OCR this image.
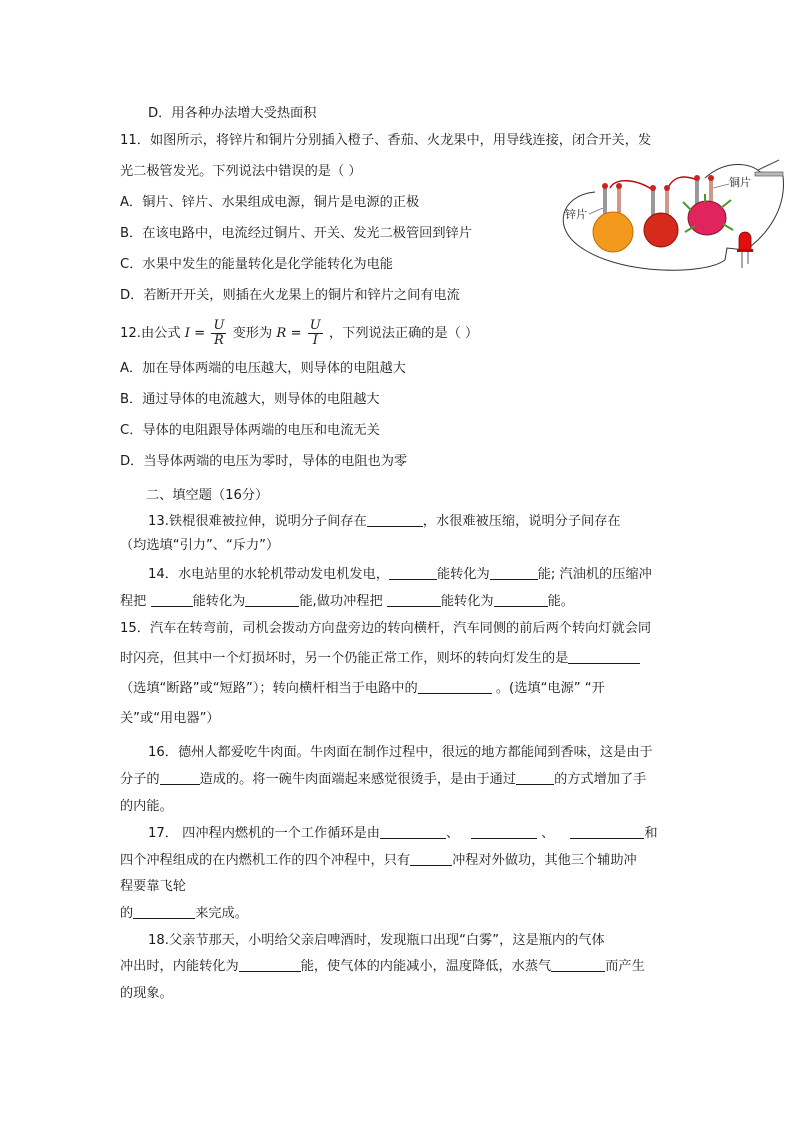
D．用各种办法增大受热面积
11．如图所示，将锌片和铜片分别插入橙子、香茄、火龙果中，用导线连接，闭合开关，发
光二极管发光。下列说法中错误的是（ ）
A．铜片、锌片、水果组成电源，铜片是电源的正极
B．在该电路中，电流经过铜片、开关、发光二极管回到锌片
C．水果中发生的能量转化是化学能转化为电能
D．若断开开关，则插在火龙果上的铜片和锌片之间有电流
锌片
铜片
12.由公式 $I = \frac{U}{R}$ 变形为 $R = \frac{U}{I}$ ，下列说法正确的是（ ）
A．加在导体两端的电压越大，则导体的电阻越大
B．通过导体的电流越大，则导体的电阻越大
C．导体的电阻跟导体两端的电压和电流无关
D．当导体两端的电压为零时，导体的电阻也为零
二、填空题（16分）
13.铁棍很难被拉伸，说明分子间存在	，水很难被压缩，说明分子间存在
（均选填“引力”、“斥力”）
14．水电站里的水轮机带动发电机发电，	能转化为	能; 汽油机的压缩冲
程把	能转化为	能,做功冲程把	能转化为	能。
15．汽车在转弯前，司机会拨动方向盘旁边的转向横杆，汽车同侧的前后两个转向灯就会同
时闪亮，但其中一个灯损坏时，另一个仍能正常工作，则坏的转向灯发生的是
（选填“断路”或“短路”）；转向横杆相当于电路中的	。(选填“电源” “开
关”或“用电器”）
16．德州人都爱吃牛肉面。牛肉面在制作过程中，很远的地方都能闻到香味，这是由于
分子的	造成的。将一碗牛肉面端起来感觉很烫手，是由于通过	的方式增加了手
的内能。
17． 四冲程内燃机的一个工作循环是由	、	、	和
四个冲程组成的在内燃机工作的四个冲程中，只有	冲程对外做功，其他三个辅助冲
程要靠飞轮
的	来完成。
18.父亲节那天，小明给父亲启啤酒时，发现瓶口出现“白雾”，这是瓶内的气体
冲出时，内能转化为	能，使气体的内能减小，温度降低，水蒸气	而产生
的现象。
